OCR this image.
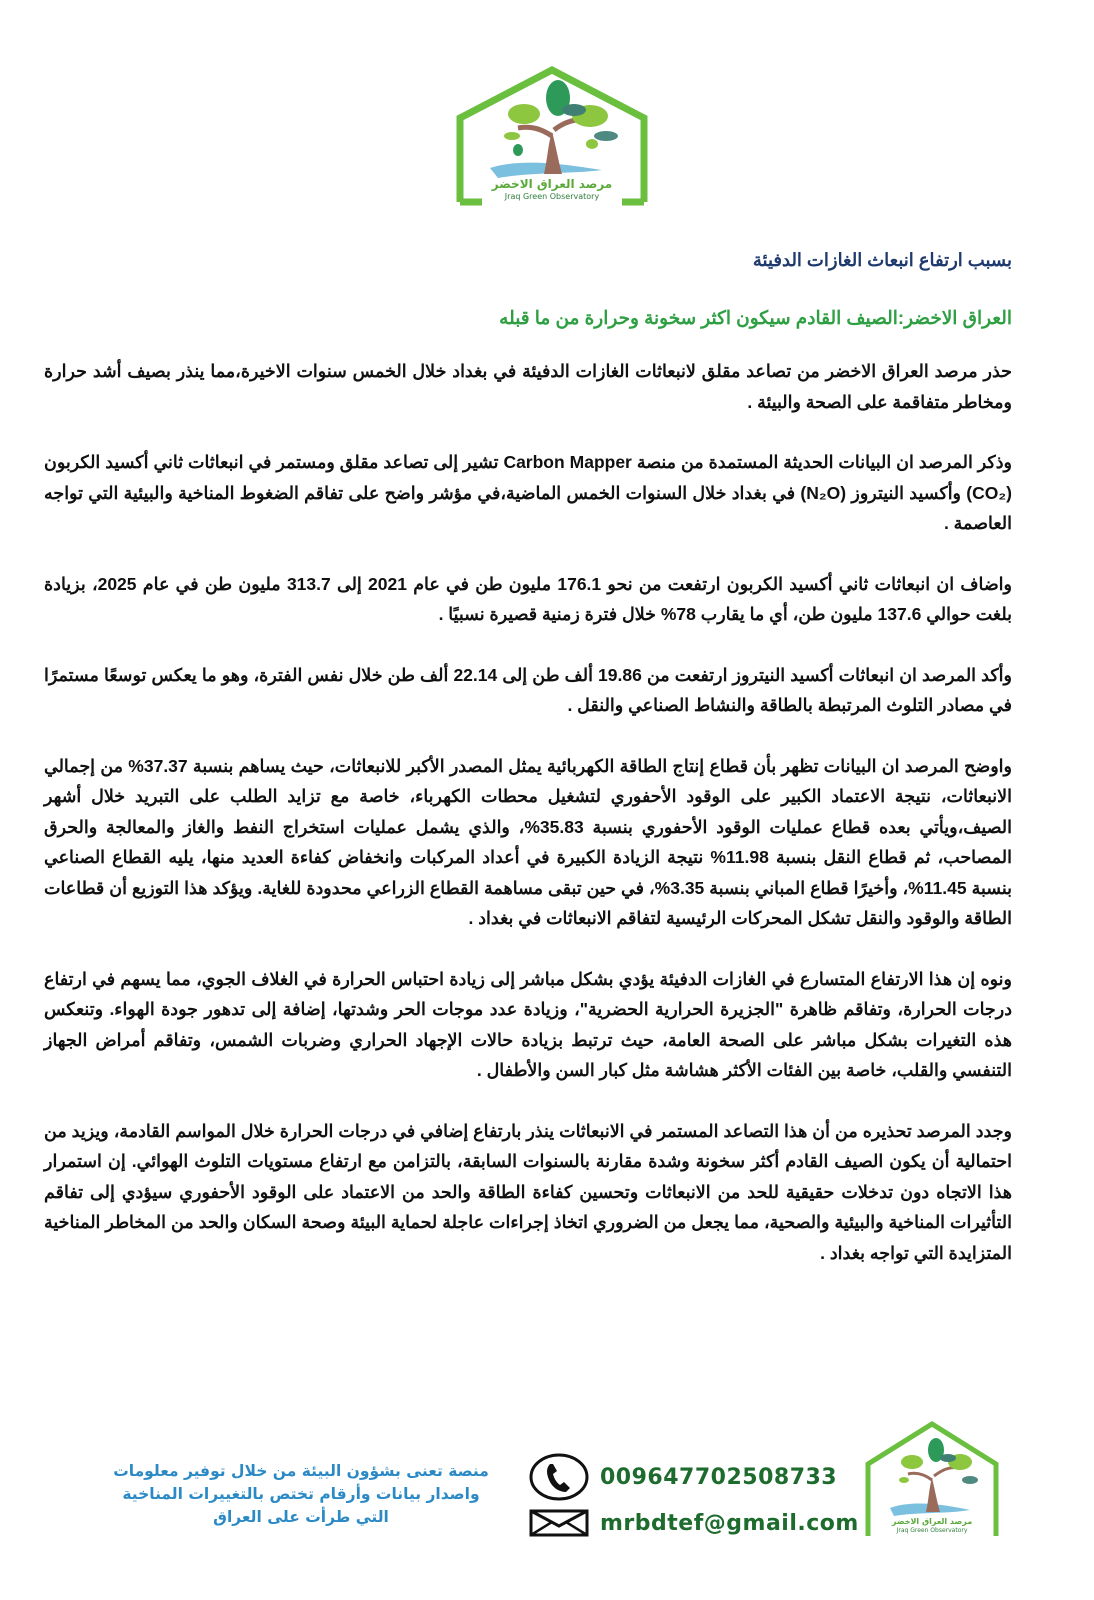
مرصد العراق الاخضر
Jraq Green Observatory
بسبب ارتفاع انبعاث الغازات الدفيئة
العراق الاخضر:الصيف القادم سيكون اكثر سخونة وحرارة من ما قبله

حذر مرصد العراق الاخضر من تصاعد مقلق لانبعاثات الغازات الدفيئة في بغداد خلال الخمس سنوات الاخيرة،مما ينذر بصيف أشد حرارة ومخاطر متفاقمة على الصحة والبيئة .

وذكر المرصد ان البيانات الحديثة المستمدة من منصة Carbon Mapper تشير إلى تصاعد مقلق ومستمر في انبعاثات ثاني أكسيد الكربون (CO₂) وأكسيد النيتروز (N₂O) في بغداد خلال السنوات الخمس الماضية،في مؤشر واضح على تفاقم الضغوط المناخية والبيئية التي تواجه العاصمة .

واضاف ان انبعاثات ثاني أكسيد الكربون ارتفعت من نحو 176.1 مليون طن في عام 2021 إلى 313.7 مليون طن في عام 2025، بزيادة بلغت حوالي 137.6 مليون طن، أي ما يقارب 78% خلال فترة زمنية قصيرة نسبيًا .

وأكد المرصد ان انبعاثات أكسيد النيتروز ارتفعت من 19.86 ألف طن إلى 22.14 ألف طن خلال نفس الفترة، وهو ما يعكس توسعًا مستمرًا في مصادر التلوث المرتبطة بالطاقة والنشاط الصناعي والنقل .

واوضح المرصد ان البيانات تظهر بأن قطاع إنتاج الطاقة الكهربائية يمثل المصدر الأكبر للانبعاثات، حيث يساهم بنسبة 37.37% من إجمالي الانبعاثات، نتيجة الاعتماد الكبير على الوقود الأحفوري لتشغيل محطات الكهرباء، خاصة مع تزايد الطلب على التبريد خلال أشهر الصيف،ويأتي بعده قطاع عمليات الوقود الأحفوري بنسبة 35.83%، والذي يشمل عمليات استخراج النفط والغاز والمعالجة والحرق المصاحب، ثم قطاع النقل بنسبة 11.98% نتيجة الزيادة الكبيرة في أعداد المركبات وانخفاض كفاءة العديد منها، يليه القطاع الصناعي بنسبة 11.45%، وأخيرًا قطاع المباني بنسبة 3.35%، في حين تبقى مساهمة القطاع الزراعي محدودة للغاية. ويؤكد هذا التوزيع أن قطاعات الطاقة والوقود والنقل تشكل المحركات الرئيسية لتفاقم الانبعاثات في بغداد .

ونوه إن هذا الارتفاع المتسارع في الغازات الدفيئة يؤدي بشكل مباشر إلى زيادة احتباس الحرارة في الغلاف الجوي، مما يسهم في ارتفاع درجات الحرارة، وتفاقم ظاهرة "الجزيرة الحرارية الحضرية"، وزيادة عدد موجات الحر وشدتها، إضافة إلى تدهور جودة الهواء. وتنعكس هذه التغيرات بشكل مباشر على الصحة العامة، حيث ترتبط بزيادة حالات الإجهاد الحراري وضربات الشمس، وتفاقم أمراض الجهاز التنفسي والقلب، خاصة بين الفئات الأكثر هشاشة مثل كبار السن والأطفال .

وجدد المرصد تحذيره من أن هذا التصاعد المستمر في الانبعاثات ينذر بارتفاع إضافي في درجات الحرارة خلال المواسم القادمة، ويزيد من احتمالية أن يكون الصيف القادم أكثر سخونة وشدة مقارنة بالسنوات السابقة، بالتزامن مع ارتفاع مستويات التلوث الهوائي. إن استمرار هذا الاتجاه دون تدخلات حقيقية للحد من الانبعاثات وتحسين كفاءة الطاقة والحد من الاعتماد على الوقود الأحفوري سيؤدي إلى تفاقم التأثيرات المناخية والبيئية والصحية، مما يجعل من الضروري اتخاذ إجراءات عاجلة لحماية البيئة وصحة السكان والحد من المخاطر المناخية المتزايدة التي تواجه بغداد .

منصة تعنى بشؤون البيئة من خلال توفير معلومات
واصدار بيانات وأرقام تختص بالتغييرات المناخية
التي طرأت على العراق
009647702508733
mrbdtef@gmail.com	مرصد العراق الاخضر
Jraq Green Observatory
